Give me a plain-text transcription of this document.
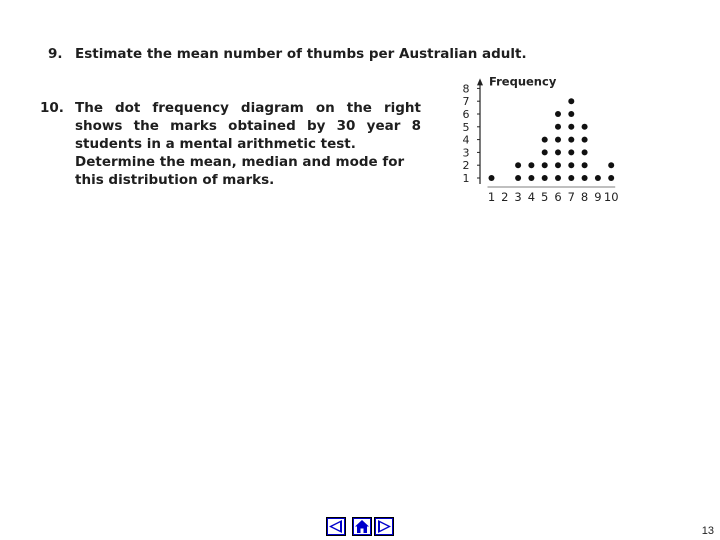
9. Estimate the mean number of thumbs per Australian adult.
10. The dot frequency diagram on the right shows the marks obtained by 30 year 8 students in a mental arithmetic test.

Determine the mean, median and mode for this distribution of marks.	1
2
3
4
5
6
7
8
1 2 3 4 5 6 7 8 9 10
Frequency
13
